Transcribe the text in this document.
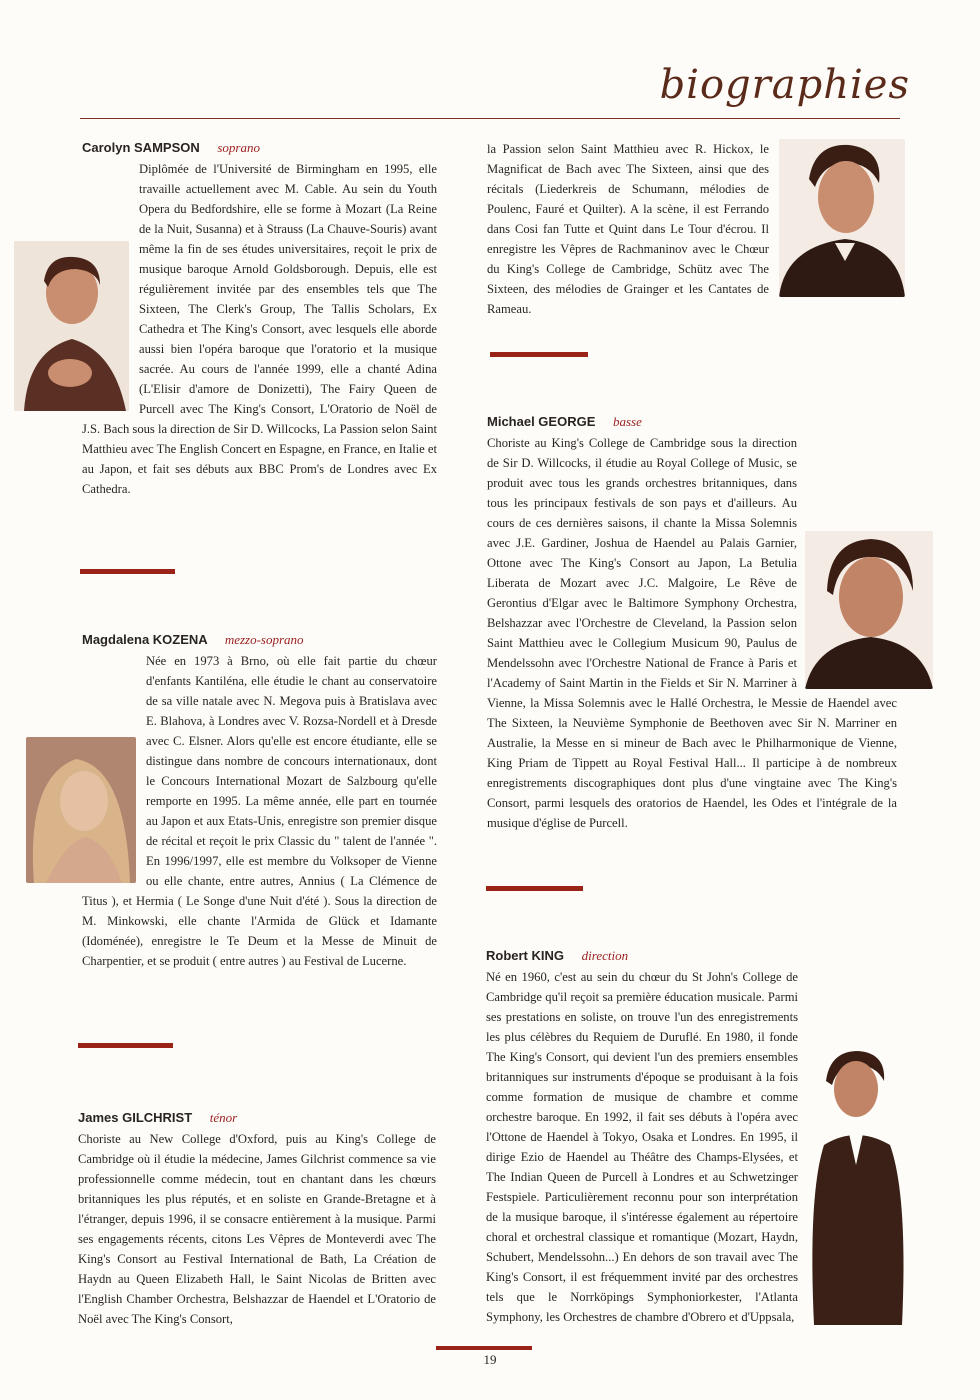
biographies
Carolyn SAMPSON soprano

Diplômée de l'Université de Birmingham en 1995, elle travaille actuellement avec M. Cable. Au sein du Youth Opera du Bedfordshire, elle se forme à Mozart (La Reine de la Nuit, Susanna) et à Strauss (La Chauve-Souris) avant même la fin de ses études universitaires, reçoit le prix de musique baroque Arnold Goldsborough. Depuis, elle est régulièrement invitée par des ensembles tels que The Sixteen, The Clerk's Group, The Tallis Scholars, Ex Cathedra et The King's Consort, avec lesquels elle aborde aussi bien l'opéra baroque que l'oratorio et la musique sacrée. Au cours de l'année 1999, elle a chanté Adina (L'Elisir d'amore de Donizetti), The Fairy Queen de Purcell avec The King's Consort, L'Oratorio de Noël de J.S. Bach sous la direction de Sir D. Willcocks, La Passion selon Saint Matthieu avec The English Concert en Espagne, en France, en Italie et au Japon, et fait ses débuts aux BBC Prom's de Londres avec Ex Cathedra.

Magdalena KOZENA mezzo-soprano

Née en 1973 à Brno, où elle fait partie du chœur d'enfants Kantiléna, elle étudie le chant au conservatoire de sa ville natale avec N. Megova puis à Bratislava avec E. Blahova, à Londres avec V. Rozsa-Nordell et à Dresde avec C. Elsner. Alors qu'elle est encore étudiante, elle se distingue dans nombre de concours internationaux, dont le Concours International Mozart de Salzbourg qu'elle remporte en 1995. La même année, elle part en tournée au Japon et aux Etats-Unis, enregistre son premier disque de récital et reçoit le prix Classic du " talent de l'année ". En 1996/1997, elle est membre du Volksoper de Vienne ou elle chante, entre autres, Annius ( La Clémence de Titus ), et Hermia ( Le Songe d'une Nuit d'été ). Sous la direction de M. Minkowski, elle chante l'Armida de Glück et Idamante (Idoménée), enregistre le Te Deum et la Messe de Minuit de Charpentier, et se produit ( entre autres ) au Festival de Lucerne.

James GILCHRIST ténor

Choriste au New College d'Oxford, puis au King's College de Cambridge où il étudie la médecine, James Gilchrist commence sa vie professionnelle comme médecin, tout en chantant dans les chœurs britanniques les plus réputés, et en soliste en Grande-Bretagne et à l'étranger, depuis 1996, il se consacre entièrement à la musique. Parmi ses engagements récents, citons Les Vêpres de Monteverdi avec The King's Consort au Festival International de Bath, La Création de Haydn au Queen Elizabeth Hall, le Saint Nicolas de Britten avec l'English Chamber Orchestra, Belshazzar de Haendel et L'Oratorio de Noël avec The King's Consort,

la Passion selon Saint Matthieu avec R. Hickox, le Magnificat de Bach avec The Sixteen, ainsi que des récitals (Liederkreis de Schumann, mélodies de Poulenc, Fauré et Quilter). A la scène, il est Ferrando dans Cosi fan Tutte et Quint dans Le Tour d'écrou. Il enregistre les Vêpres de Rachmaninov avec le Chœur du King's College de Cambridge, Schütz avec The Sixteen, des mélodies de Grainger et les Cantates de Rameau.

Michael GEORGE basse

Choriste au King's College de Cambridge sous la direction de Sir D. Willcocks, il étudie au Royal College of Music, se produit avec tous les grands orchestres britanniques, dans tous les principaux festivals de son pays et d'ailleurs. Au cours de ces dernières saisons, il chante la Missa Solemnis avec J.E. Gardiner, Joshua de Haendel au Palais Garnier, Ottone avec The King's Consort au Japon, La Betulia Liberata de Mozart avec J.C. Malgoire, Le Rêve de Gerontius d'Elgar avec le Baltimore Symphony Orchestra, Belshazzar avec l'Orchestre de Cleveland, la Passion selon Saint Matthieu avec le Collegium Musicum 90, Paulus de Mendelssohn avec l'Orchestre National de France à Paris et l'Academy of Saint Martin in the Fields et Sir N. Marriner à Vienne, la Missa Solemnis avec le Hallé Orchestra, le Messie de Haendel avec The Sixteen, la Neuvième Symphonie de Beethoven avec Sir N. Marriner en Australie, la Messe en si mineur de Bach avec le Philharmonique de Vienne, King Priam de Tippett au Royal Festival Hall... Il participe à de nombreux enregistrements discographiques dont plus d'une vingtaine avec The King's Consort, parmi lesquels des oratorios de Haendel, les Odes et l'intégrale de la musique d'église de Purcell.

Robert KING direction

Né en 1960, c'est au sein du chœur du St John's College de Cambridge qu'il reçoit sa première éducation musicale. Parmi ses prestations en soliste, on trouve l'un des enregistrements les plus célèbres du Requiem de Duruflé. En 1980, il fonde The King's Consort, qui devient l'un des premiers ensembles britanniques sur instruments d'époque se produisant à la fois comme formation de musique de chambre et comme orchestre baroque. En 1992, il fait ses débuts à l'opéra avec l'Ottone de Haendel à Tokyo, Osaka et Londres. En 1995, il dirige Ezio de Haendel au Théâtre des Champs-Elysées, et The Indian Queen de Purcell à Londres et au Schwetzinger Festspiele. Particulièrement reconnu pour son interprétation de la musique baroque, il s'intéresse également au répertoire choral et orchestral classique et romantique (Mozart, Haydn, Schubert, Mendelssohn...) En dehors de son travail avec The King's Consort, il est fréquemment invité par des orchestres tels que le Norrköpings Symphoniorkester, l'Atlanta Symphony, les Orchestres de chambre d'Obrero et d'Uppsala,

19
